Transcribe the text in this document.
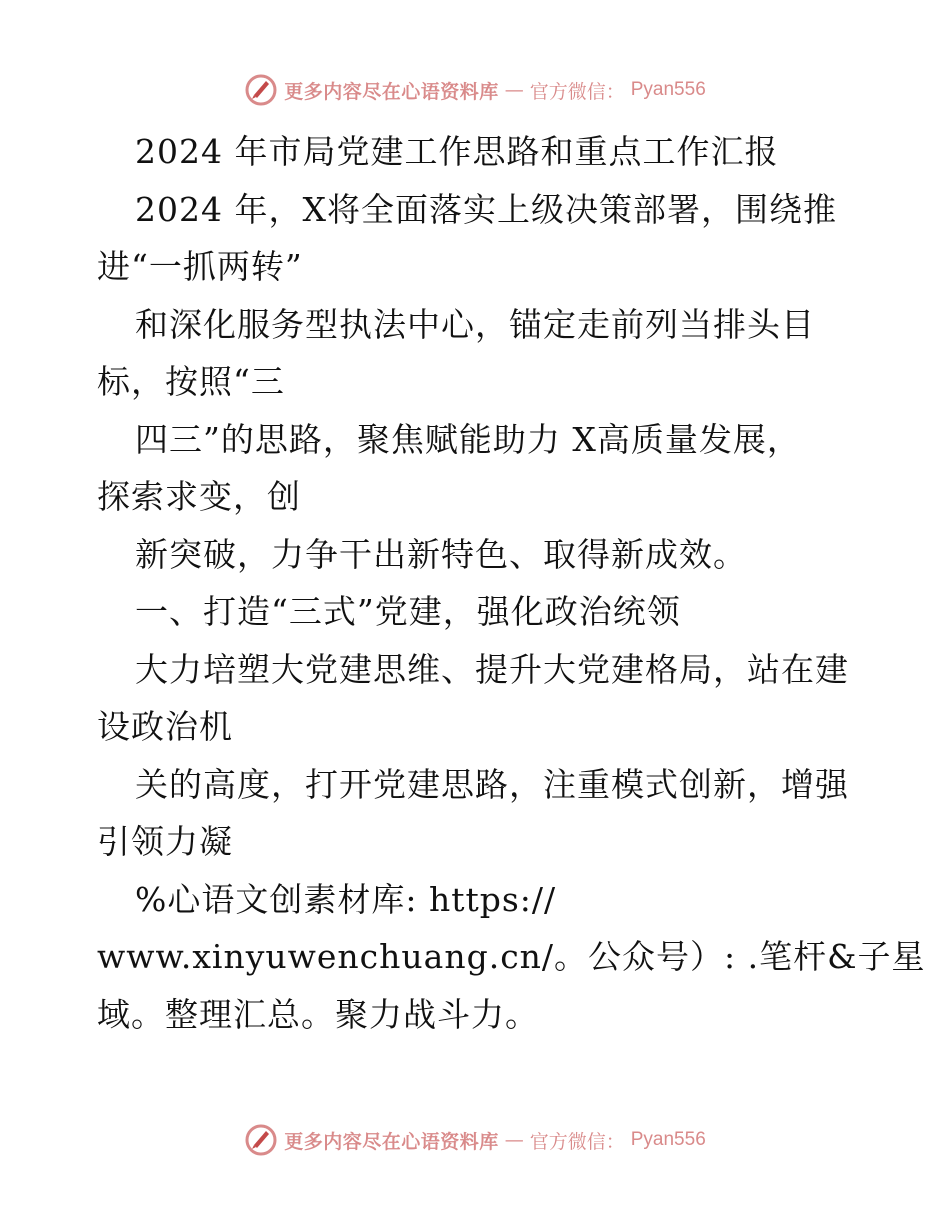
更多内容尽在心语资料库 — 官方微信： Pyan556
2024 年市局党建工作思路和重点工作汇报
2024 年，X将全面落实上级决策部署，围绕推
进“一抓两转”
和深化服务型执法中心，锚定走前列当排头目
标，按照“三
四三”的思路，聚焦赋能助力 X高质量发展，
探索求变，创
新突破，力争干出新特色、取得新成效。
一、打造“三式”党建，强化政治统领
大力培塑大党建思维、提升大党建格局，站在建
设政治机
关的高度，打开党建思路，注重模式创新，增强
引领力凝
%心语文创素材库: https://
www.xinyuwenchuang.cn/。公众号）: .笔杆&子星
域。整理汇总。聚力战斗力。
更多内容尽在心语资料库 — 官方微信： Pyan556
